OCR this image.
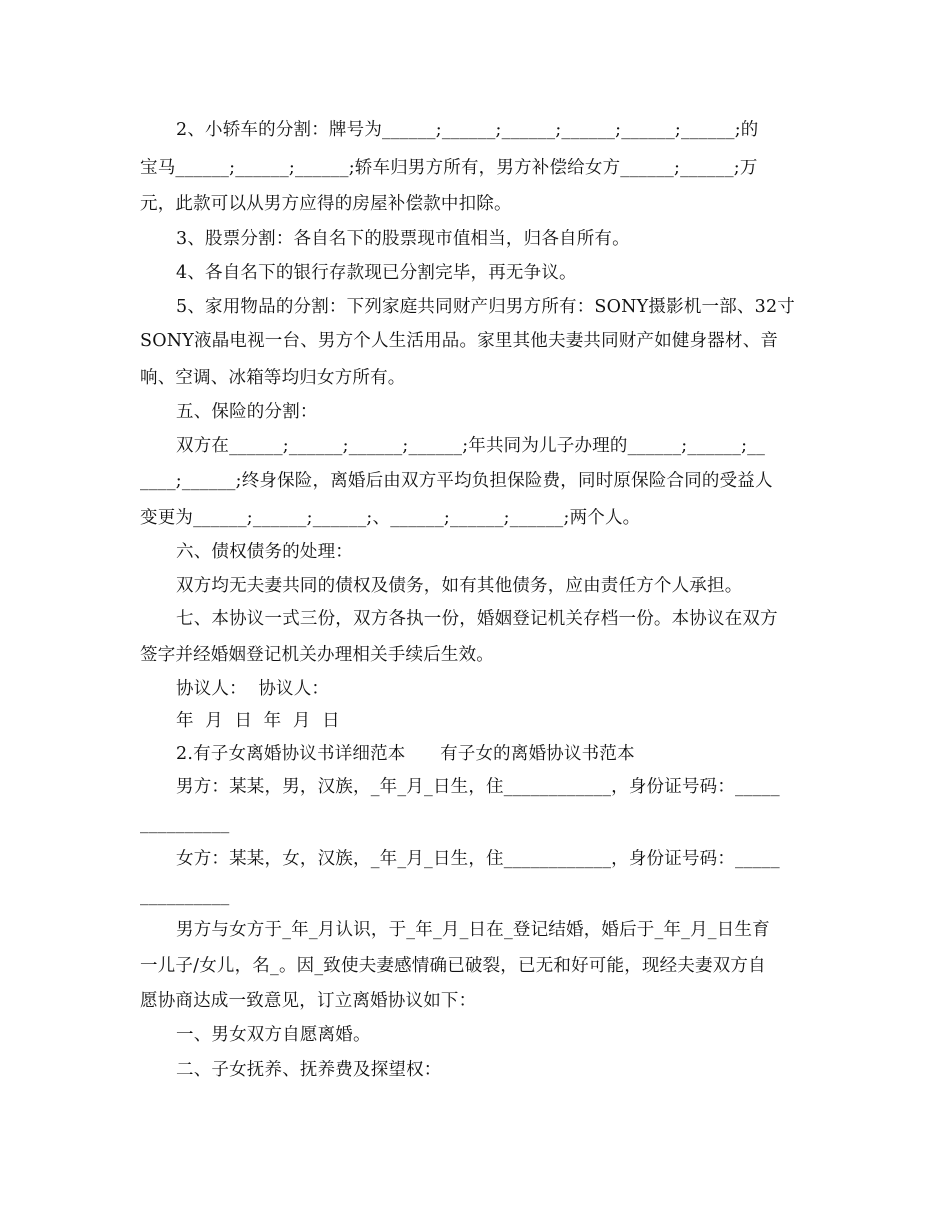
2、小轿车的分割：牌号为______;______;______;______;______;______;的
宝马______;______;______;轿车归男方所有，男方补偿给女方______;______;万
元，此款可以从男方应得的房屋补偿款中扣除。
3、股票分割：各自名下的股票现市值相当，归各自所有。
4、各自名下的银行存款现已分割完毕，再无争议。
5、家用物品的分割：下列家庭共同财产归男方所有：SONY摄影机一部、32寸
SONY液晶电视一台、男方个人生活用品。家里其他夫妻共同财产如健身器材、音
响、空调、冰箱等均归女方所有。
五、保险的分割：
双方在______;______;______;______;年共同为儿子办理的______;______;__
____;______;终身保险，离婚后由双方平均负担保险费，同时原保险合同的受益人
变更为______;______;______;、______;______;______;两个人。
六、债权债务的处理：
双方均无夫妻共同的债权及债务，如有其他债务，应由责任方个人承担。
七、本协议一式三份，双方各执一份，婚姻登记机关存档一份。本协议在双方
签字并经婚姻登记机关办理相关手续后生效。
协议人：  协议人：
年  月  日  年  月  日
2.有子女离婚协议书详细范本      有子女的离婚协议书范本
男方：某某，男，汉族，_年_月_日生，住____________，身份证号码：_____
__________
女方：某某，女，汉族，_年_月_日生，住____________，身份证号码：_____
__________
男方与女方于_年_月认识，于_年_月_日在_登记结婚，婚后于_年_月_日生育
一儿子/女儿，名_。因_致使夫妻感情确已破裂，已无和好可能，现经夫妻双方自
愿协商达成一致意见，订立离婚协议如下：
一、男女双方自愿离婚。
二、子女抚养、抚养费及探望权：
